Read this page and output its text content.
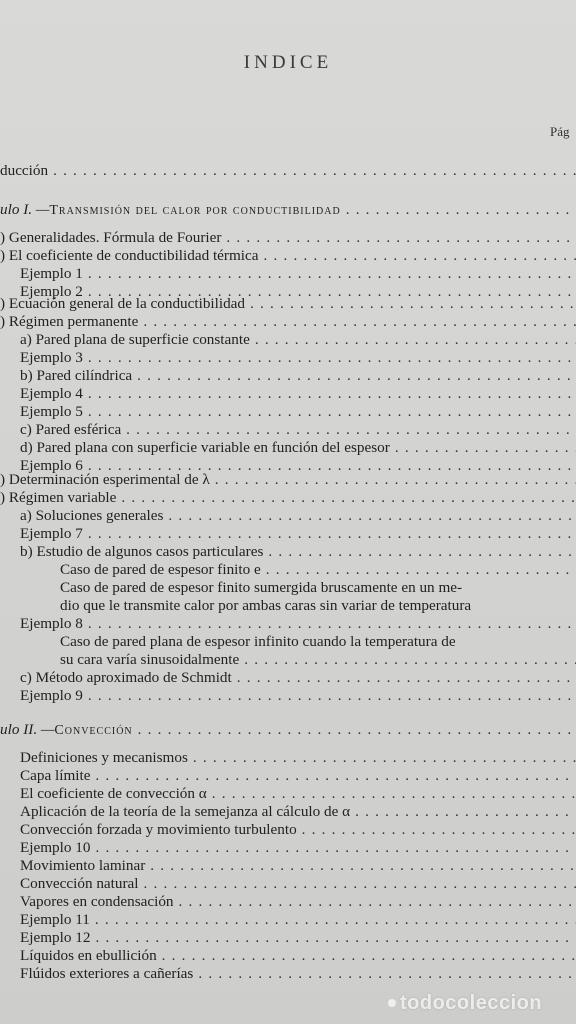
INDICE
Pág
ducción . . .
ulo I. —Transmisión del calor por conductibilidad . . .
) Generalidades. Fórmula de Fourier . . .
) El coeficiente de conductibilidad térmica . . .
Ejemplo 1 . . .
Ejemplo 2 . . .
) Ecuación general de la conductibilidad . . .
) Régimen permanente . . .
a) Pared plana de superficie constante . . .
Ejemplo 3 . . .
b) Pared cilíndrica . . .
Ejemplo 4 . . .
Ejemplo 5 . . .
c) Pared esférica . . .
d) Pared plana con superficie variable en función del espesor . . .
Ejemplo 6 . . .
) Determinación esperimental de λ . . .
) Régimen variable . . .
a) Soluciones generales . . .
Ejemplo 7 . . .
b) Estudio de algunos casos particulares . . .
Caso de pared de espesor finito e . . .
Caso de pared de espesor finito sumergida bruscamente en un me-
dio que le transmite calor por ambas caras sin variar de temperatura
Ejemplo 8 . . .
Caso de pared plana de espesor infinito cuando la temperatura de
su cara varía sinusoidalmente . . .
c) Método aproximado de Schmidt . . .
Ejemplo 9 . . .
ulo II. —Convección . . .
Definiciones y mecanismos . . .
Capa límite . . .
El coeficiente de convección α . . .
Aplicación de la teoría de la semejanza al cálculo de α . . .
Convección forzada y movimiento turbulento . . .
Ejemplo 10 . . .
Movimiento laminar . . .
Convección natural . . .
Vapores en condensación . . .
Ejemplo 11 . . .
Ejemplo 12 . . .
Líquidos en ebullición . . .
Flúidos exteriores a cañerías . . .
todocoleccion
